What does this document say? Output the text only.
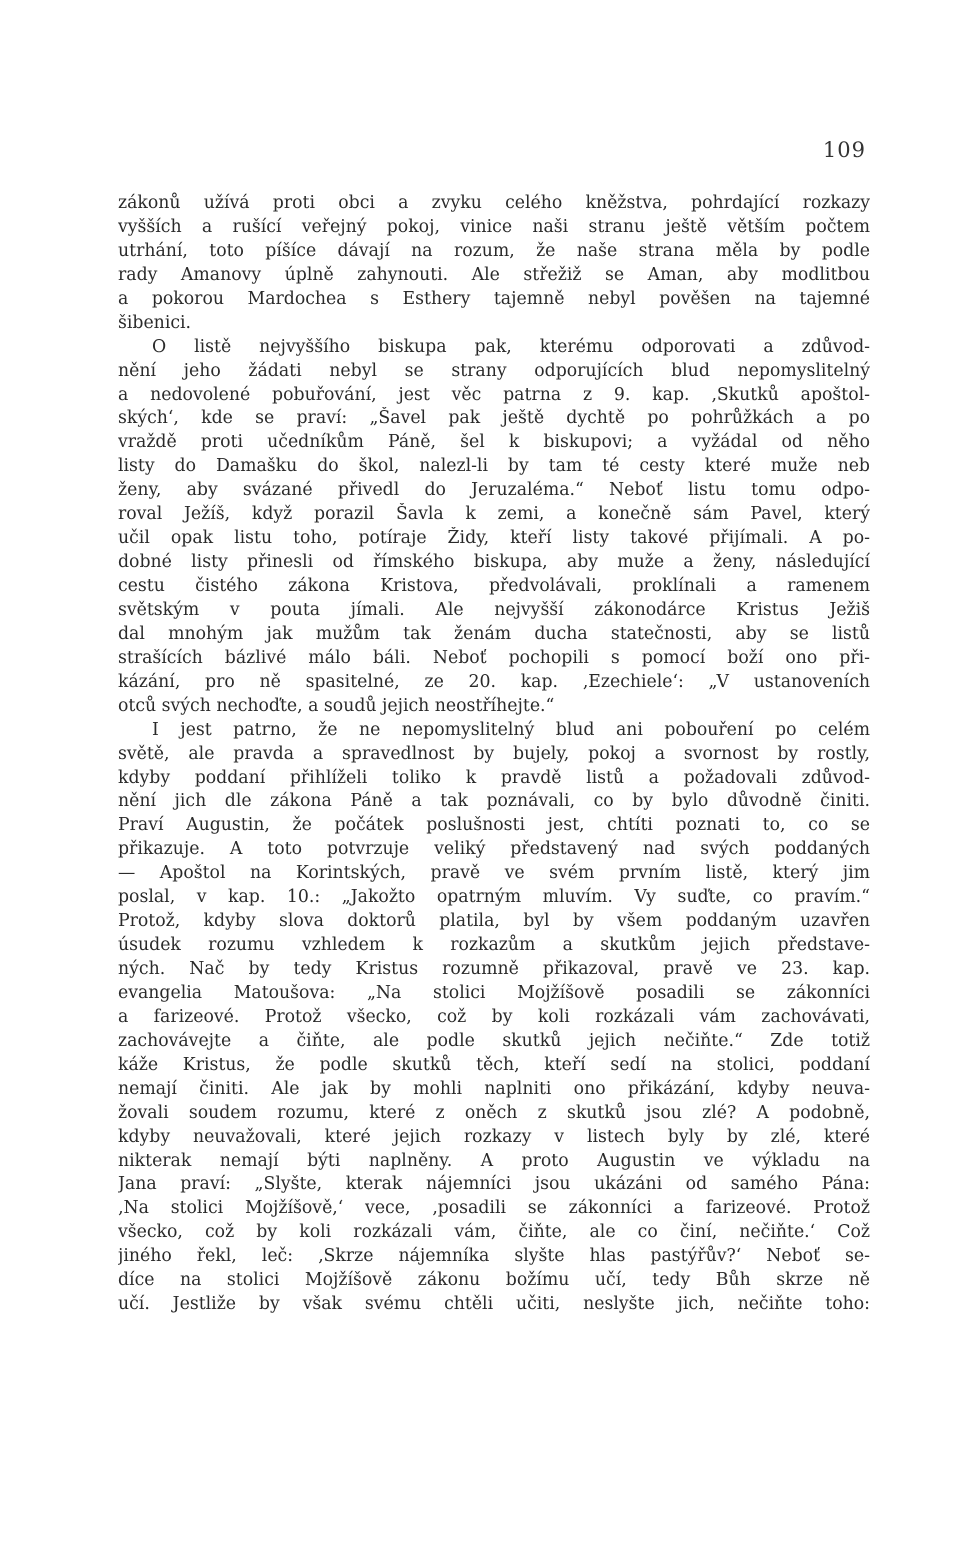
109
zákonů užívá proti obci a zvyku celého kněžstva, pohrdající rozkazy
vyšších a rušící veřejný pokoj, vinice naši stranu ještě větším počtem
utrhání, toto píšíce dávají na rozum, že naše strana měla by podle
rady Amanovy úplně zahynouti. Ale střežiž se Aman, aby modlitbou
a pokorou Mardochea s Esthery tajemně nebyl pověšen na tajemné
šibenici.
O listě nejvyššího biskupa pak, kterému odporovati a zdůvod-
nění jeho žádati nebyl se strany odporujících blud nepomyslitelný
a nedovolené pobuřování, jest věc patrna z 9. kap. ‚Skutků apoštol-
ských‘, kde se praví: „Šavel pak ještě dychtě po pohrůžkách a po
vraždě proti učedníkům Páně, šel k biskupovi; a vyžádal od něho
listy do Damašku do škol, nalezl-li by tam té cesty které muže neb
ženy, aby svázané přivedl do Jeruzaléma.“ Neboť listu tomu odpo-
roval Ježíš, když porazil Šavla k zemi, a konečně sám Pavel, který
učil opak listu toho, potíraje Židy, kteří listy takové přijímali. A po-
dobné listy přinesli od římského biskupa, aby muže a ženy, následující
cestu čistého zákona Kristova, předvolávali, proklínali a ramenem
světským v pouta jímali. Ale nejvyšší zákonodárce Kristus Ježiš
dal mnohým jak mužům tak ženám ducha statečnosti, aby se listů
strašících bázlivé málo báli. Neboť pochopili s pomocí boží ono při-
kázání, pro ně spasitelné, ze 20. kap. ‚Ezechiele‘: „V ustanoveních
otců svých nechoďte, a soudů jejich neostříhejte.“
I jest patrno, že ne nepomyslitelný blud ani pobouření po celém
světě, ale pravda a spravedlnost by bujely, pokoj a svornost by rostly,
kdyby poddaní přihlíželi toliko k pravdě listů a požadovali zdůvod-
nění jich dle zákona Páně a tak poznávali, co by bylo důvodně činiti.
Praví Augustin, že počátek poslušnosti jest, chtíti poznati to, co se
přikazuje. A toto potvrzuje veliký představený nad svých poddaných
— Apoštol na Korintských, pravě ve svém prvním listě, který jim
poslal, v kap. 10.: „Jakožto opatrným mluvím. Vy suďte, co pravím.“
Protož, kdyby slova doktorů platila, byl by všem poddaným uzavřen
úsudek rozumu vzhledem k rozkazům a skutkům jejich představe-
ných. Nač by tedy Kristus rozumně přikazoval, pravě ve 23. kap.
evangelia Matoušova: „Na stolici Mojžíšově posadili se zákonníci
a farizeové. Protož všecko, což by koli rozkázali vám zachovávati,
zachovávejte a čiňte, ale podle skutků jejich nečiňte.“ Zde totiž
káže Kristus, že podle skutků těch, kteří sedí na stolici, poddaní
nemají činiti. Ale jak by mohli naplniti ono přikázání, kdyby neuva-
žovali soudem rozumu, které z oněch z skutků jsou zlé? A podobně,
kdyby neuvažovali, které jejich rozkazy v listech byly by zlé, které
nikterak nemají býti naplněny. A proto Augustin ve výkladu na
Jana praví: „Slyšte, kterak nájemníci jsou ukázáni od samého Pána:
‚Na stolici Mojžíšově,‘ vece, ‚posadili se zákonníci a farizeové. Protož
všecko, což by koli rozkázali vám, čiňte, ale co činí, nečiňte.‘ Což
jiného řekl, leč: ‚Skrze nájemníka slyšte hlas pastýřův?‘ Neboť se-
díce na stolici Mojžíšově zákonu božímu učí, tedy Bůh skrze ně
učí. Jestliže by však svému chtěli učiti, neslyšte jich, nečiňte toho:
